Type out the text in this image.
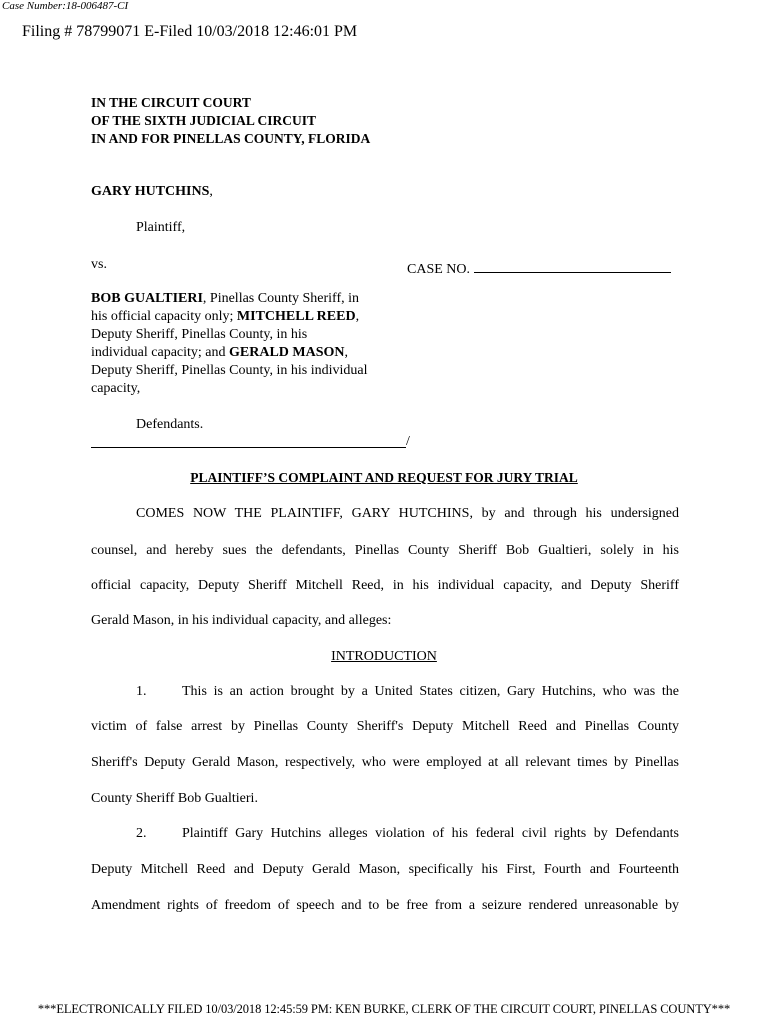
Case Number:18-006487-CI
Filing # 78799071 E-Filed 10/03/2018 12:46:01 PM
IN THE CIRCUIT COURT
OF THE SIXTH JUDICIAL CIRCUIT
IN AND FOR PINELLAS COUNTY, FLORIDA
GARY HUTCHINS,
Plaintiff,
vs.	CASE NO.
BOB GUALTIERI, Pinellas County Sheriff, in
his official capacity only; MITCHELL REED,
Deputy Sheriff, Pinellas County, in his
individual capacity; and GERALD MASON,
Deputy Sheriff, Pinellas County, in his individual
capacity,
Defendants.
/
PLAINTIFF’S COMPLAINT AND REQUEST FOR JURY TRIAL
COMES NOW THE PLAINTIFF, GARY HUTCHINS, by and through his undersigned
counsel, and hereby sues the defendants, Pinellas County Sheriff Bob Gualtieri, solely in his
official capacity, Deputy Sheriff Mitchell Reed, in his individual capacity, and Deputy Sheriff
Gerald Mason, in his individual capacity, and alleges:
INTRODUCTION
1.	This is an action brought by a United States citizen, Gary Hutchins, who was the
victim of false arrest by Pinellas County Sheriff's Deputy Mitchell Reed and Pinellas County
Sheriff's Deputy Gerald Mason, respectively, who were employed at all relevant times by Pinellas
County Sheriff Bob Gualtieri.
2.	Plaintiff Gary Hutchins alleges violation of his federal civil rights by Defendants
Deputy Mitchell Reed and Deputy Gerald Mason, specifically his First, Fourth and Fourteenth
Amendment rights of freedom of speech and to be free from a seizure rendered unreasonable by
***ELECTRONICALLY FILED 10/03/2018 12:45:59 PM: KEN BURKE, CLERK OF THE CIRCUIT COURT, PINELLAS COUNTY***
